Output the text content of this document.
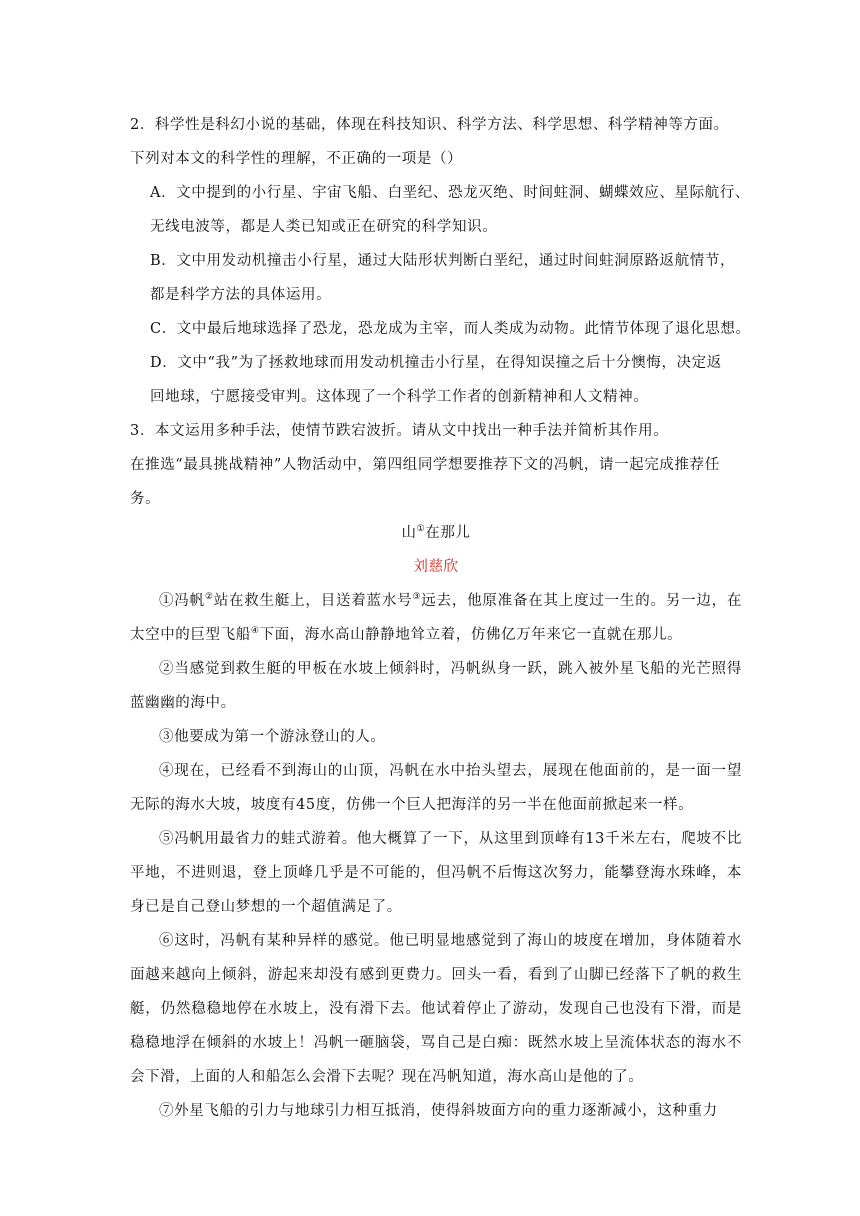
2．科学性是科幻小说的基础，体现在科技知识、科学方法、科学思想、科学精神等方面。
下列对本文的科学性的理解，不正确的一项是（）
A．文中提到的小行星、宇宙飞船、白垩纪、恐龙灭绝、时间蛀洞、蝴蝶效应、星际航行、
无线电波等，都是人类已知或正在研究的科学知识。
B．文中用发动机撞击小行星，通过大陆形状判断白垩纪，通过时间蛀洞原路返航情节，
都是科学方法的具体运用。
C．文中最后地球选择了恐龙，恐龙成为主宰，而人类成为动物。此情节体现了退化思想。
D．文中“我”为了拯救地球而用发动机撞击小行星，在得知误撞之后十分懊悔，决定返
回地球，宁愿接受审判。这体现了一个科学工作者的创新精神和人文精神。
3．本文运用多种手法，使情节跌宕波折。请从文中找出一种手法并简析其作用。
在推选“最具挑战精神”人物活动中，第四组同学想要推荐下文的冯帆，请一起完成推荐任
务。
山①在那儿
刘慈欣
①冯帆②站在救生艇上，目送着蓝水号③远去，他原准备在其上度过一生的。另一边，在太空中的巨型飞船④下面，海水高山静静地耸立着，仿佛亿万年来它一直就在那儿。
②当感觉到救生艇的甲板在水坡上倾斜时，冯帆纵身一跃，跳入被外星飞船的光芒照得蓝幽幽的海中。
③他要成为第一个游泳登山的人。
④现在，已经看不到海山的山顶，冯帆在水中抬头望去，展现在他面前的，是一面一望无际的海水大坡，坡度有45度，仿佛一个巨人把海洋的另一半在他面前掀起来一样。
⑤冯帆用最省力的蛙式游着。他大概算了一下，从这里到顶峰有13千米左右，爬坡不比平地，不进则退，登上顶峰几乎是不可能的，但冯帆不后悔这次努力，能攀登海水珠峰，本身已是自己登山梦想的一个超值满足了。
⑥这时，冯帆有某种异样的感觉。他已明显地感觉到了海山的坡度在增加，身体随着水面越来越向上倾斜，游起来却没有感到更费力。回头一看，看到了山脚已经落下了帆的救生艇，仍然稳稳地停在水坡上，没有滑下去。他试着停止了游动，发现自己也没有下滑，而是稳稳地浮在倾斜的水坡上！冯帆一砸脑袋，骂自己是白痴：既然水坡上呈流体状态的海水不会下滑，上面的人和船怎么会滑下去呢？现在冯帆知道，海水高山是他的了。
⑦外星飞船的引力与地球引力相互抵消，使得斜坡面方向的重力逐渐减小，这种重力
